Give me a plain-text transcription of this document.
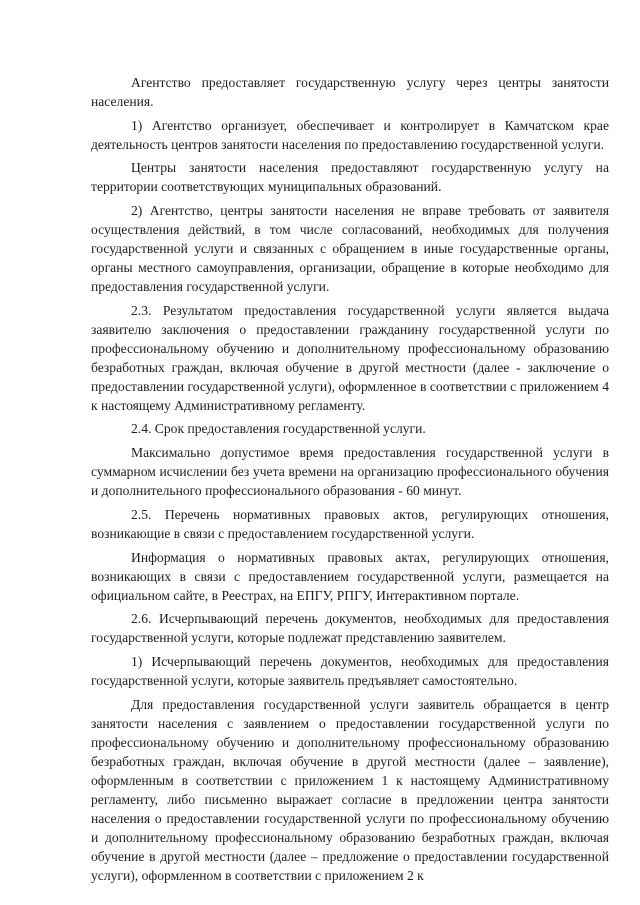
Агентство предоставляет государственную услугу через центры занятости населения.

1) Агентство организует, обеспечивает и контролирует в Камчатском крае деятельность центров занятости населения по предоставлению государственной услуги.

Центры занятости населения предоставляют государственную услугу на территории соответствующих муниципальных образований.

2) Агентство, центры занятости населения не вправе требовать от заявителя осуществления действий, в том числе согласований, необходимых для получения государственной услуги и связанных с обращением в иные государственные органы, органы местного самоуправления, организации, обращение в которые необходимо для предоставления государственной услуги.

2.3. Результатом предоставления государственной услуги является выдача заявителю заключения о предоставлении гражданину государственной услуги по профессиональному обучению и дополнительному профессиональному образованию безработных граждан, включая обучение в другой местности (далее - заключение о предоставлении государственной услуги), оформленное в соответствии с приложением 4 к настоящему Административному регламенту.

2.4. Срок предоставления государственной услуги.

Максимально допустимое время предоставления государственной услуги в суммарном исчислении без учета времени на организацию профессионального обучения и дополнительного профессионального образования - 60 минут.

2.5. Перечень нормативных правовых актов, регулирующих отношения, возникающие в связи с предоставлением государственной услуги.

Информация о нормативных правовых актах, регулирующих отношения, возникающих в связи с предоставлением государственной услуги, размещается на официальном сайте, в Реестрах, на ЕПГУ, РПГУ, Интерактивном портале.

2.6. Исчерпывающий перечень документов, необходимых для предоставления государственной услуги, которые подлежат представлению заявителем.

1) Исчерпывающий перечень документов, необходимых для предоставления государственной услуги, которые заявитель предъявляет самостоятельно.

Для предоставления государственной услуги заявитель обращается в центр занятости населения с заявлением о предоставлении государственной услуги по профессиональному обучению и дополнительному профессиональному образованию безработных граждан, включая обучение в другой местности (далее – заявление), оформленным в соответствии с приложением 1 к настоящему Административному регламенту, либо письменно выражает согласие в предложении центра занятости населения о предоставлении государственной услуги по профессиональному обучению и дополнительному профессиональному образованию безработных граждан, включая обучение в другой местности (далее – предложение о предоставлении государственной услуги), оформленном в соответствии с приложением 2 к
